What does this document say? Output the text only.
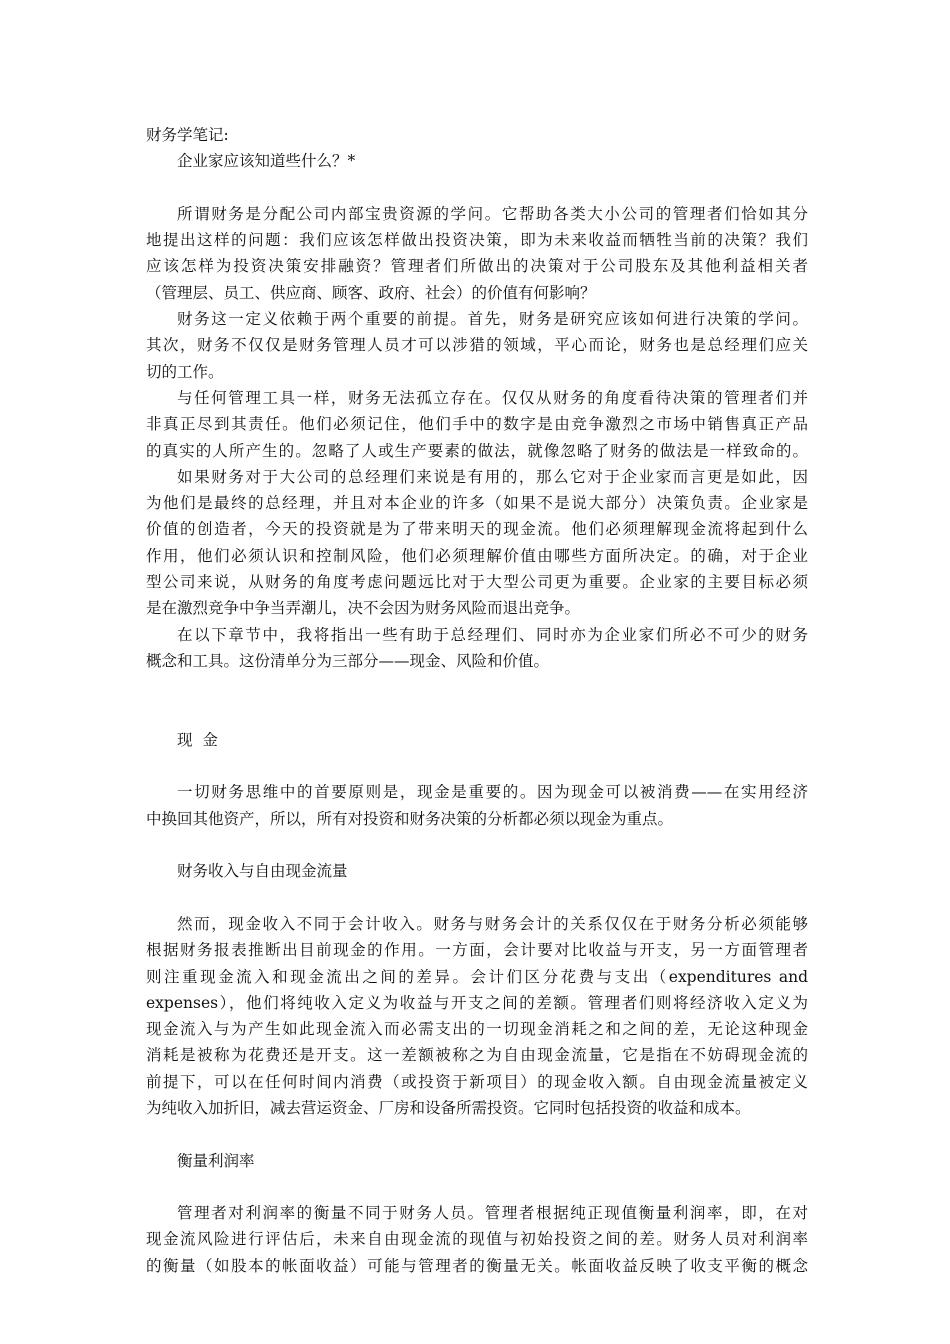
财务学笔记:
企业家应该知道些什么？*
所谓财务是分配公司内部宝贵资源的学问。它帮助各类大小公司的管理者们恰如其分
地提出这样的问题：我们应该怎样做出投资决策，即为未来收益而牺牲当前的决策？我们
应该怎样为投资决策安排融资？管理者们所做出的决策对于公司股东及其他利益相关者
（管理层、员工、供应商、顾客、政府、社会）的价值有何影响？
财务这一定义依赖于两个重要的前提。首先，财务是研究应该如何进行决策的学问。
其次，财务不仅仅是财务管理人员才可以涉猎的领域，平心而论，财务也是总经理们应关
切的工作。
与任何管理工具一样，财务无法孤立存在。仅仅从财务的角度看待决策的管理者们并
非真正尽到其责任。他们必须记住，他们手中的数字是由竞争激烈之市场中销售真正产品
的真实的人所产生的。忽略了人或生产要素的做法，就像忽略了财务的做法是一样致命的。
如果财务对于大公司的总经理们来说是有用的，那么它对于企业家而言更是如此，因
为他们是最终的总经理，并且对本企业的许多（如果不是说大部分）决策负责。企业家是
价值的创造者，今天的投资就是为了带来明天的现金流。他们必须理解现金流将起到什么
作用，他们必须认识和控制风险，他们必须理解价值由哪些方面所决定。的确，对于企业
型公司来说，从财务的角度考虑问题远比对于大型公司更为重要。企业家的主要目标必须
是在激烈竞争中争当弄潮儿，决不会因为财务风险而退出竞争。
在以下章节中，我将指出一些有助于总经理们、同时亦为企业家们所必不可少的财务
概念和工具。这份清单分为三部分——现金、风险和价值。
现  金
一切财务思维中的首要原则是，现金是重要的。因为现金可以被消费——在实用经济
中换回其他资产，所以，所有对投资和财务决策的分析都必须以现金为重点。
财务收入与自由现金流量
然而，现金收入不同于会计收入。财务与财务会计的关系仅仅在于财务分析必须能够
根据财务报表推断出目前现金的作用。一方面，会计要对比收益与开支，另一方面管理者
则注重现金流入和现金流出之间的差异。会计们区分花费与支出（expenditures and
expenses），他们将纯收入定义为收益与开支之间的差额。管理者们则将经济收入定义为
现金流入与为产生如此现金流入而必需支出的一切现金消耗之和之间的差，无论这种现金
消耗是被称为花费还是开支。这一差额被称之为自由现金流量，它是指在不妨碍现金流的
前提下，可以在任何时间内消费（或投资于新项目）的现金收入额。自由现金流量被定义
为纯收入加折旧，减去营运资金、厂房和设备所需投资。它同时包括投资的收益和成本。
衡量利润率
管理者对利润率的衡量不同于财务人员。管理者根据纯正现值衡量利润率，即，在对
现金流风险进行评估后，未来自由现金流的现值与初始投资之间的差。财务人员对利润率
的衡量（如股本的帐面收益）可能与管理者的衡量无关。帐面收益反映了收支平衡的概念
